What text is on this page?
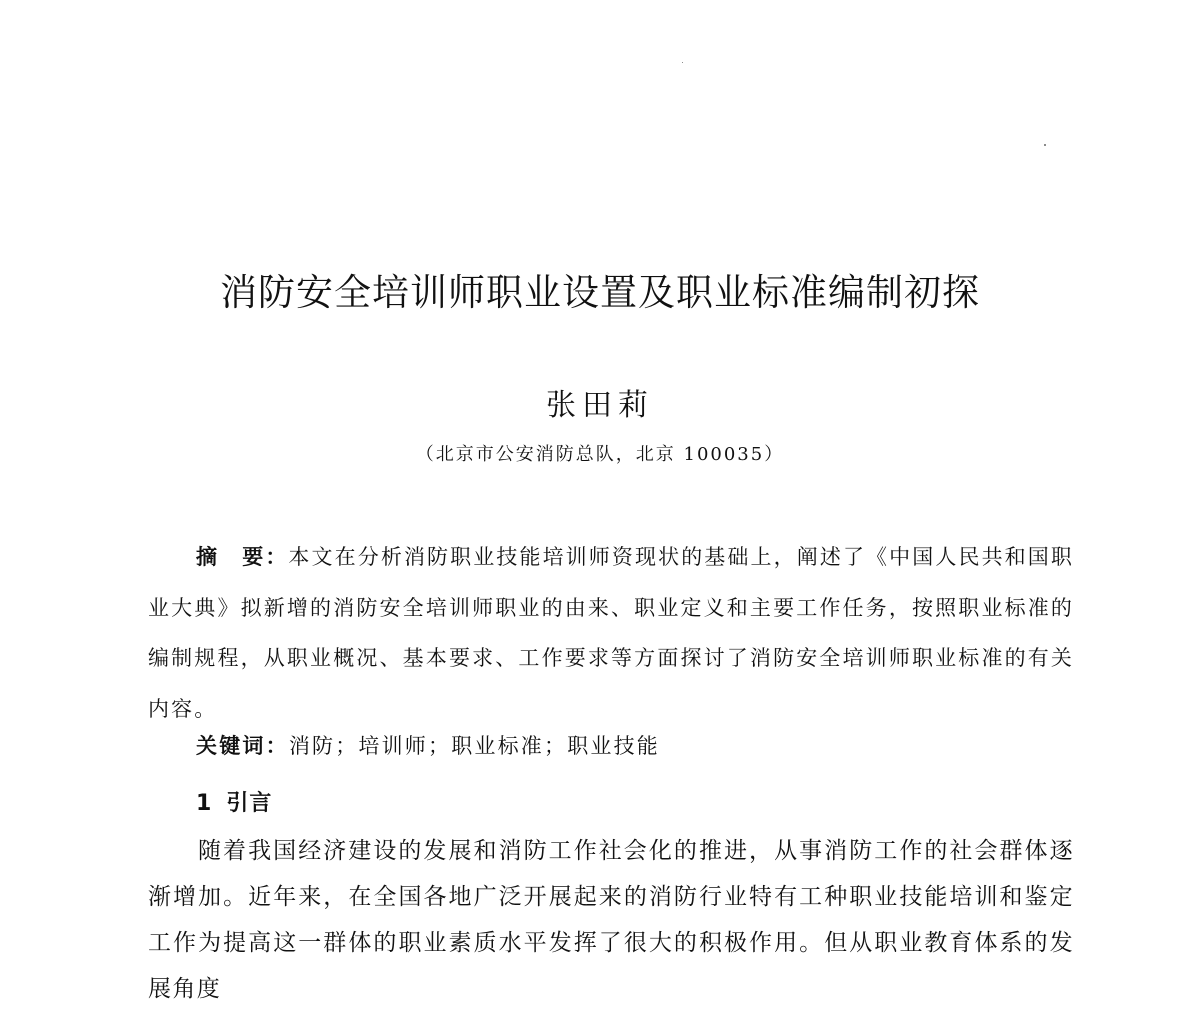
消防安全培训师职业设置及职业标准编制初探

张田莉

（北京市公安消防总队，北京 100035）

摘　要：本文在分析消防职业技能培训师资现状的基础上，阐述了《中国人民共和国职业大典》拟新增的消防安全培训师职业的由来、职业定义和主要工作任务，按照职业标准的编制规程，从职业概况、基本要求、工作要求等方面探讨了消防安全培训师职业标准的有关内容。

关键词：消防；培训师；职业标准；职业技能

1 引言

随着我国经济建设的发展和消防工作社会化的推进，从事消防工作的社会群体逐渐增加。近年来，在全国各地广泛开展起来的消防行业特有工种职业技能培训和鉴定工作为提高这一群体的职业素质水平发挥了很大的积极作用。但从职业教育体系的发展角度
